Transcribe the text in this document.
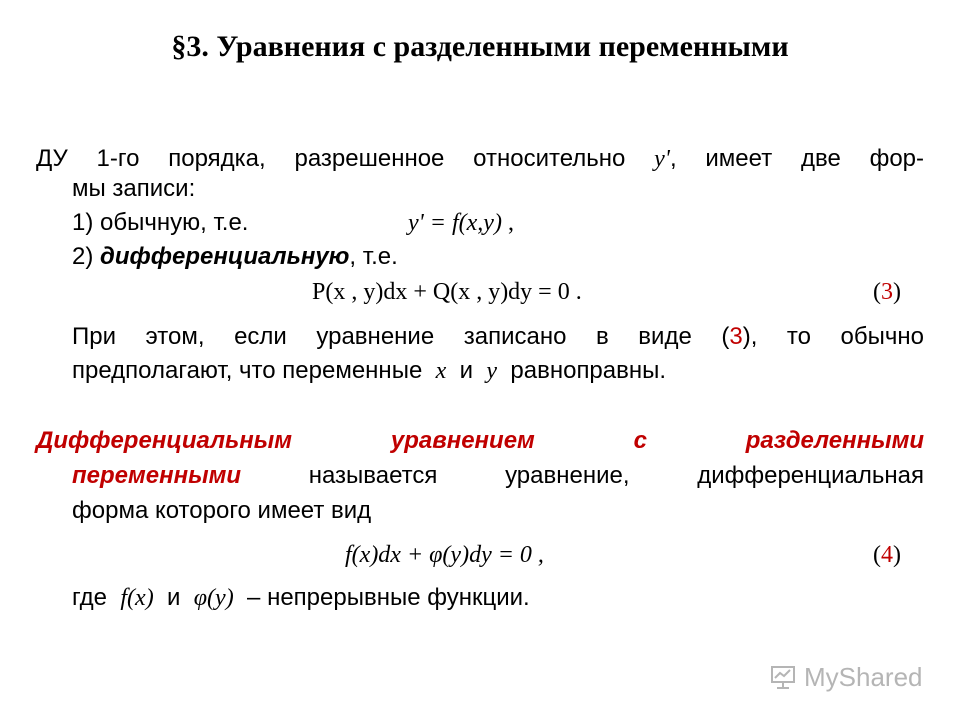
§3. Уравнения с разделенными переменными
ДУ 1-го порядка, разрешенное относительно y', имеет две фор-
мы записи:
1) обычную, т.е.	y' = f(x,y) ,
2) дифференциальную, т.е.
P(x , y)dx + Q(x , y)dy = 0 .	(3)
При этом, если уравнение записано в виде (3), то обычно
предполагают, что переменные x и y равноправны.
Дифференциальным	уравнением	с	разделенными
переменными	называется уравнение, дифференциальная
форма которого имеет вид
f(x)dx + φ(y)dy = 0 ,	(4)
где f(x) и φ(y) – непрерывные функции.
MyShared
